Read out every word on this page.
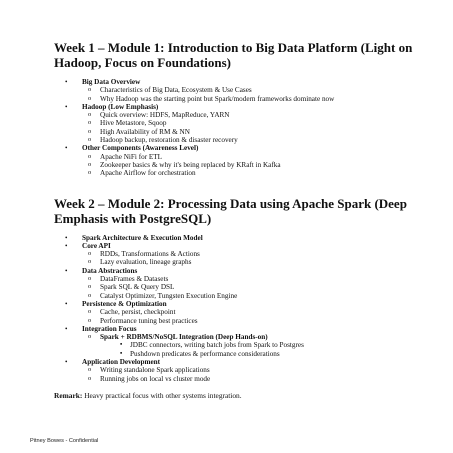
Week 1 – Module 1: Introduction to Big Data Platform (Light on Hadoop, Focus on Foundations)
• Big Data Overview
o Characteristics of Big Data, Ecosystem & Use Cases
o Why Hadoop was the starting point but Spark/modern frameworks dominate now
• Hadoop (Low Emphasis)
o Quick overview: HDFS, MapReduce, YARN
o Hive Metastore, Sqoop
o High Availability of RM & NN
o Hadoop backup, restoration & disaster recovery
• Other Components (Awareness Level)
o Apache NiFi for ETL
o Zookeeper basics & why it's being replaced by KRaft in Kafka
o Apache Airflow for orchestration
Week 2 – Module 2: Processing Data using Apache Spark (Deep Emphasis with PostgreSQL)
• Spark Architecture & Execution Model
• Core API
o RDDs, Transformations & Actions
o Lazy evaluation, lineage graphs
• Data Abstractions
o DataFrames & Datasets
o Spark SQL & Query DSL
o Catalyst Optimizer, Tungsten Execution Engine
• Persistence & Optimization
o Cache, persist, checkpoint
o Performance tuning best practices
• Integration Focus
o Spark + RDBMS/NoSQL Integration (Deep Hands-on)
▪ JDBC connectors, writing batch jobs from Spark to Postgres
▪ Pushdown predicates & performance considerations
• Application Development
o Writing standalone Spark applications
o Running jobs on local vs cluster mode
Remark: Heavy practical focus with other systems integration.
Pitney Bowes - Confidential
